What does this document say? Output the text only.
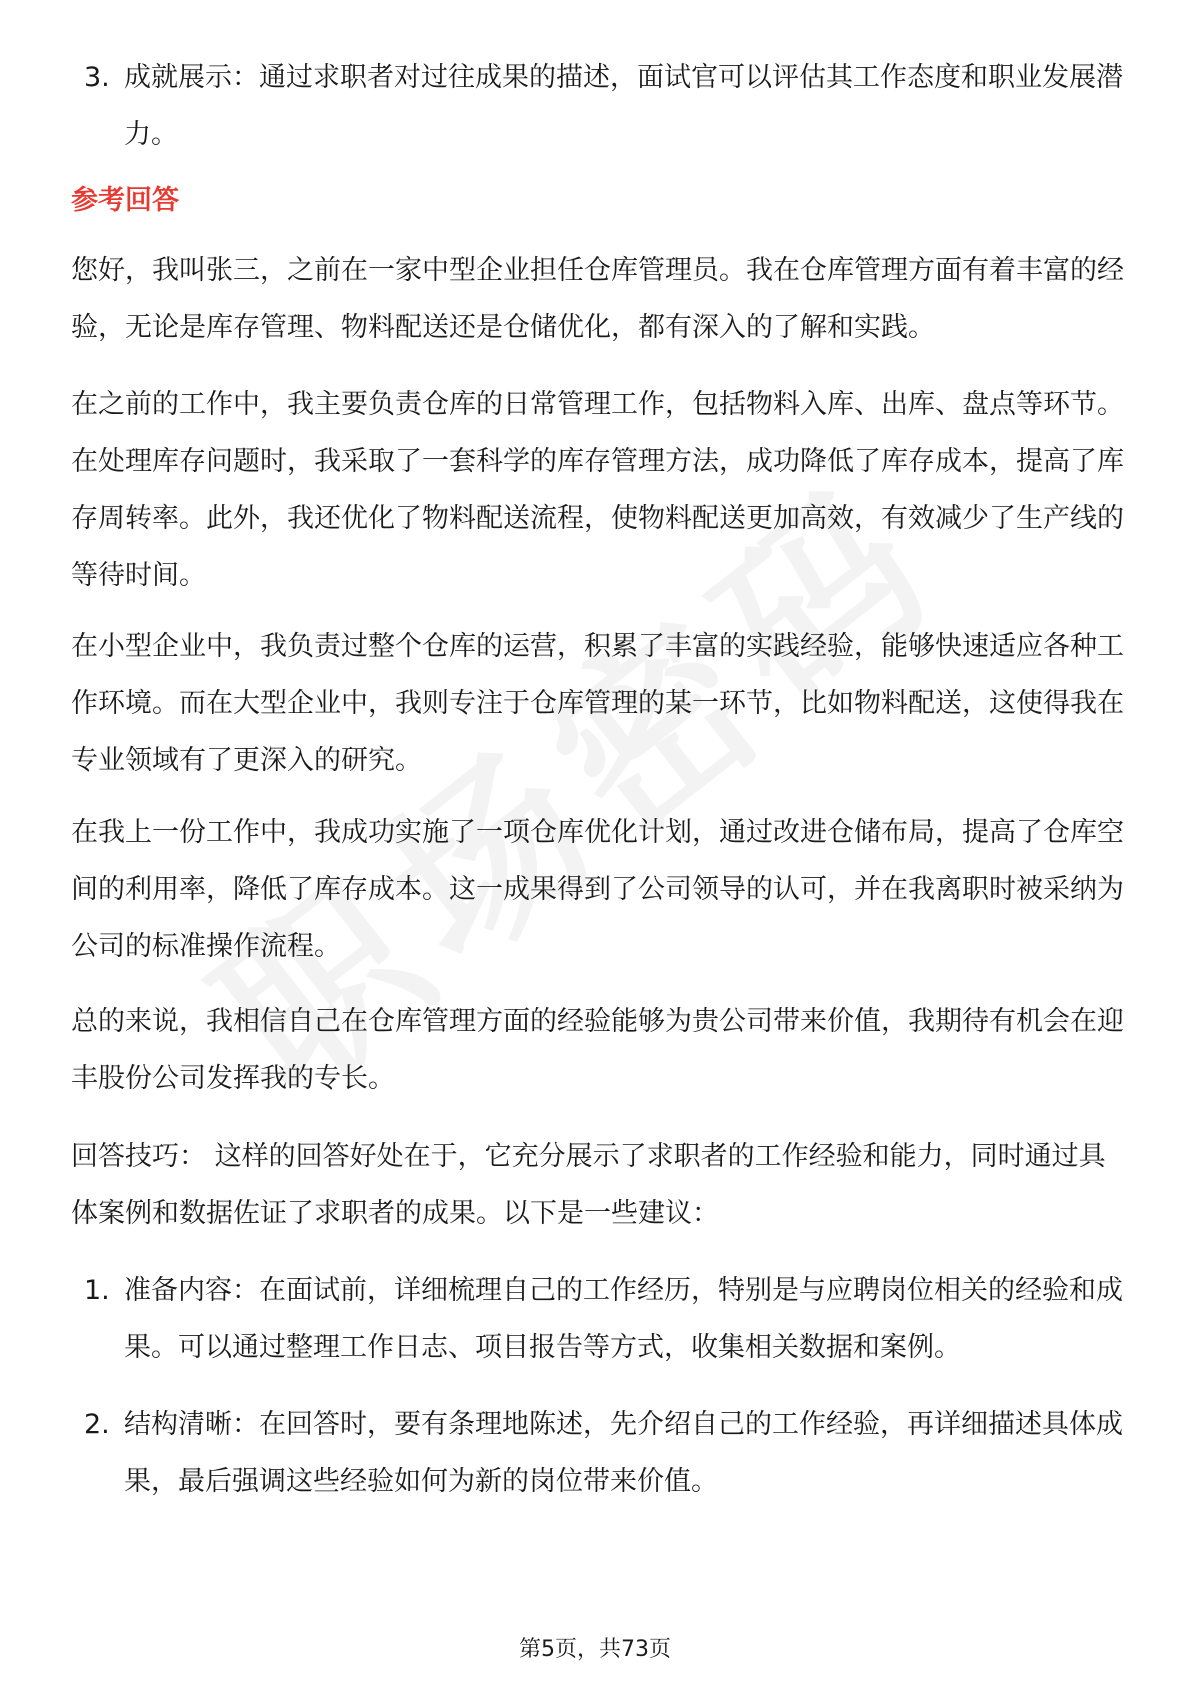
3. 成就展示：通过求职者对过往成果的描述，面试官可以评估其工作态度和职业发展潜力。
参考回答

您好，我叫张三，之前在一家中型企业担任仓库管理员。我在仓库管理方面有着丰富的经验，无论是库存管理、物料配送还是仓储优化，都有深入的了解和实践。

在之前的工作中，我主要负责仓库的日常管理工作，包括物料入库、出库、盘点等环节。在处理库存问题时，我采取了一套科学的库存管理方法，成功降低了库存成本，提高了库存周转率。此外，我还优化了物料配送流程，使物料配送更加高效，有效减少了生产线的等待时间。

在小型企业中，我负责过整个仓库的运营，积累了丰富的实践经验，能够快速适应各种工作环境。而在大型企业中，我则专注于仓库管理的某一环节，比如物料配送，这使得我在专业领域有了更深入的研究。

在我上一份工作中，我成功实施了一项仓库优化计划，通过改进仓储布局，提高了仓库空间的利用率，降低了库存成本。这一成果得到了公司领导的认可，并在我离职时被采纳为公司的标准操作流程。

总的来说，我相信自己在仓库管理方面的经验能够为贵公司带来价值，我期待有机会在迎丰股份公司发挥我的专长。

回答技巧： 这样的回答好处在于，它充分展示了求职者的工作经验和能力，同时通过具体案例和数据佐证了求职者的成果。以下是一些建议：

1. 准备内容：在面试前，详细梳理自己的工作经历，特别是与应聘岗位相关的经验和成果。可以通过整理工作日志、项目报告等方式，收集相关数据和案例。
2. 结构清晰：在回答时，要有条理地陈述，先介绍自己的工作经验，再详细描述具体成果，最后强调这些经验如何为新的岗位带来价值。
第5页，共73页
